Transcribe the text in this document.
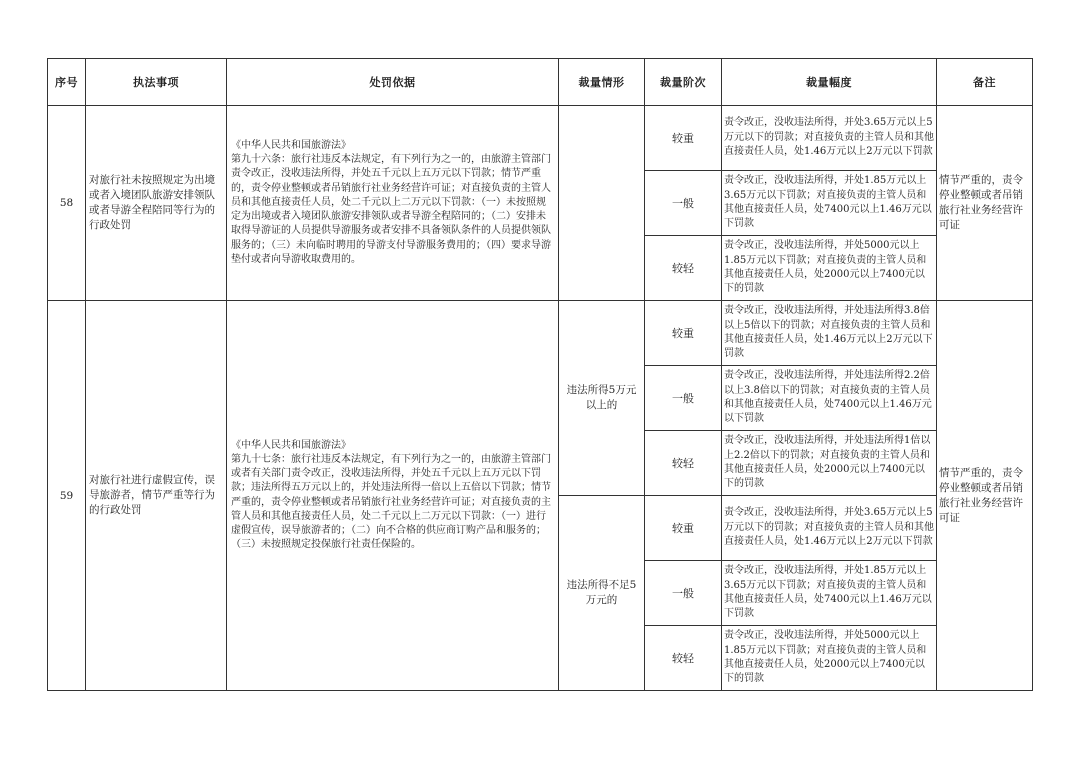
序号	执法事项	处罚依据	裁量情形	裁量阶次	裁量幅度	备注
58	对旅行社未按照规定为出境或者入境团队旅游安排领队或者导游全程陪同等行为的行政处罚	《中华人民共和国旅游法》
第九十六条：旅行社违反本法规定，有下列行为之一的，由旅游主管部门责令改正，没收违法所得，并处五千元以上五万元以下罚款；情节严重的，责令停业整顿或者吊销旅行社业务经营许可证；对直接负责的主管人员和其他直接责任人员，处二千元以上二万元以下罚款：（一）未按照规定为出境或者入境团队旅游安排领队或者导游全程陪同的；（二）安排未取得导游证的人员提供导游服务或者安排不具备领队条件的人员提供领队服务的；（三）未向临时聘用的导游支付导游服务费用的；（四）要求导游垫付或者向导游收取费用的。		较重	责令改正，没收违法所得，并处3.65万元以上5万元以下的罚款；对直接负责的主管人员和其他直接责任人员，处1.46万元以上2万元以下罚款	情节严重的，责令停业整顿或者吊销旅行社业务经营许可证
				一般	责令改正，没收违法所得，并处1.85万元以上3.65万元以下罚款；对直接负责的主管人员和其他直接责任人员，处7400元以上1.46万元以下罚款	
				较轻	责令改正，没收违法所得，并处5000元以上1.85万元以下罚款；对直接负责的主管人员和其他直接责任人员，处2000元以上7400元以下的罚款	
59	对旅行社进行虚假宣传，误导旅游者，情节严重等行为的行政处罚	《中华人民共和国旅游法》
第九十七条：旅行社违反本法规定，有下列行为之一的，由旅游主管部门或者有关部门责令改正，没收违法所得，并处五千元以上五万元以下罚款；违法所得五万元以上的，并处违法所得一倍以上五倍以下罚款；情节严重的，责令停业整顿或者吊销旅行社业务经营许可证；对直接负责的主管人员和其他直接责任人员，处二千元以上二万元以下罚款：（一）进行虚假宣传，误导旅游者的；（二）向不合格的供应商订购产品和服务的；（三）未按照规定投保旅行社责任保险的。	违法所得5万元以上的	较重	责令改正，没收违法所得，并处违法所得3.8倍以上5倍以下的罚款；对直接负责的主管人员和其他直接责任人员，处1.46万元以上2万元以下罚款	情节严重的，责令停业整顿或者吊销旅行社业务经营许可证
				一般	责令改正，没收违法所得，并处违法所得2.2倍以上3.8倍以下的罚款；对直接负责的主管人员和其他直接责任人员，处7400元以上1.46万元以下罚款	
				较轻	责令改正，没收违法所得，并处违法所得1倍以上2.2倍以下的罚款；对直接负责的主管人员和其他直接责任人员，处2000元以上7400元以下的罚款	
			违法所得不足5万元的	较重	责令改正，没收违法所得，并处3.65万元以上5万元以下的罚款；对直接负责的主管人员和其他直接责任人员，处1.46万元以上2万元以下罚款	
				一般	责令改正，没收违法所得，并处1.85万元以上3.65万元以下罚款；对直接负责的主管人员和其他直接责任人员，处7400元以上1.46万元以下罚款	
				较轻	责令改正，没收违法所得，并处5000元以上1.85万元以下罚款；对直接负责的主管人员和其他直接责任人员，处2000元以上7400元以下的罚款	
